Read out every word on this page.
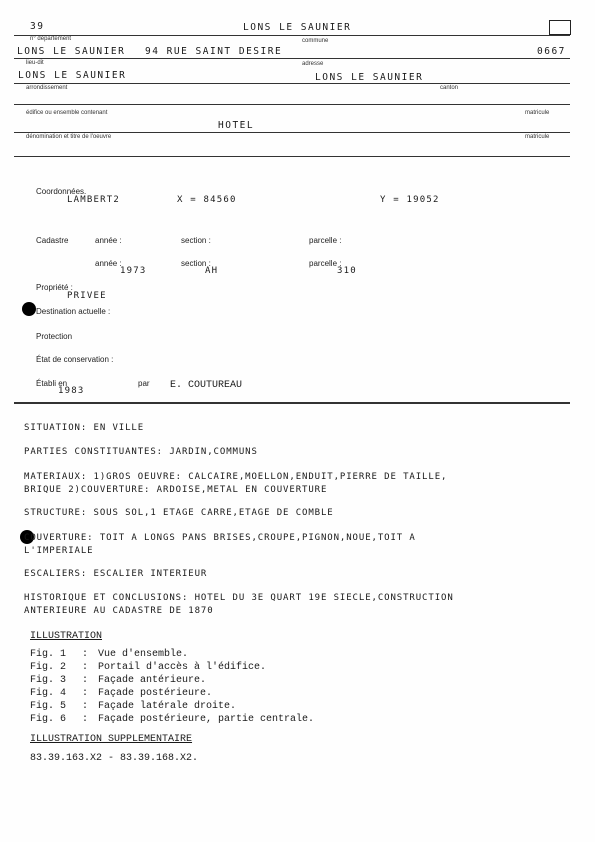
39	LONS LE SAUNIER
n° département	commune
LONS LE SAUNIER 94 RUE SAINT DESIRE	0667
lieu-dit	adresse
LONS LE SAUNIER	LONS LE SAUNIER
arrondissement	canton
édifice ou ensemble contenant	matricule
HOTEL
dénomination et titre de l'oeuvre	matricule
Coordonnées.
LAMBERT2	X = 84560	Y = 19052
Cadastre	année :	section :	parcelle :
année :	section :	parcelle :
1973	AH	310
Propriété :
PRIVEE
Destination actuelle :
Protection
État de conservation :
Établi en
1983
par E. COUTUREAU
SITUATION: EN VILLE
PARTIES CONSTITUANTES: JARDIN,COMMUNS
MATERIAUX: 1)GROS OEUVRE: CALCAIRE,MOELLON,ENDUIT,PIERRE DE TAILLE,
BRIQUE 2)COUVERTURE: ARDOISE,METAL EN COUVERTURE
STRUCTURE: SOUS SOL,1 ETAGE CARRE,ETAGE DE COMBLE
COUVERTURE: TOIT A LONGS PANS BRISES,CROUPE,PIGNON,NOUE,TOIT A
L'IMPERIALE
ESCALIERS: ESCALIER INTERIEUR
HISTORIQUE ET CONCLUSIONS: HOTEL DU 3E QUART 19E SIECLE,CONSTRUCTION
ANTERIEURE AU CADASTRE DE 1870
ILLUSTRATION
Fig. 1	: Vue d'ensemble.
Fig. 2	: Portail d'accès à l'édifice.
Fig. 3	: Façade antérieure.
Fig. 4	: Façade postérieure.
Fig. 5	: Façade latérale droite.
Fig. 6	: Façade postérieure, partie centrale.
ILLUSTRATION SUPPLEMENTAIRE
83.39.163.X2 - 83.39.168.X2.
